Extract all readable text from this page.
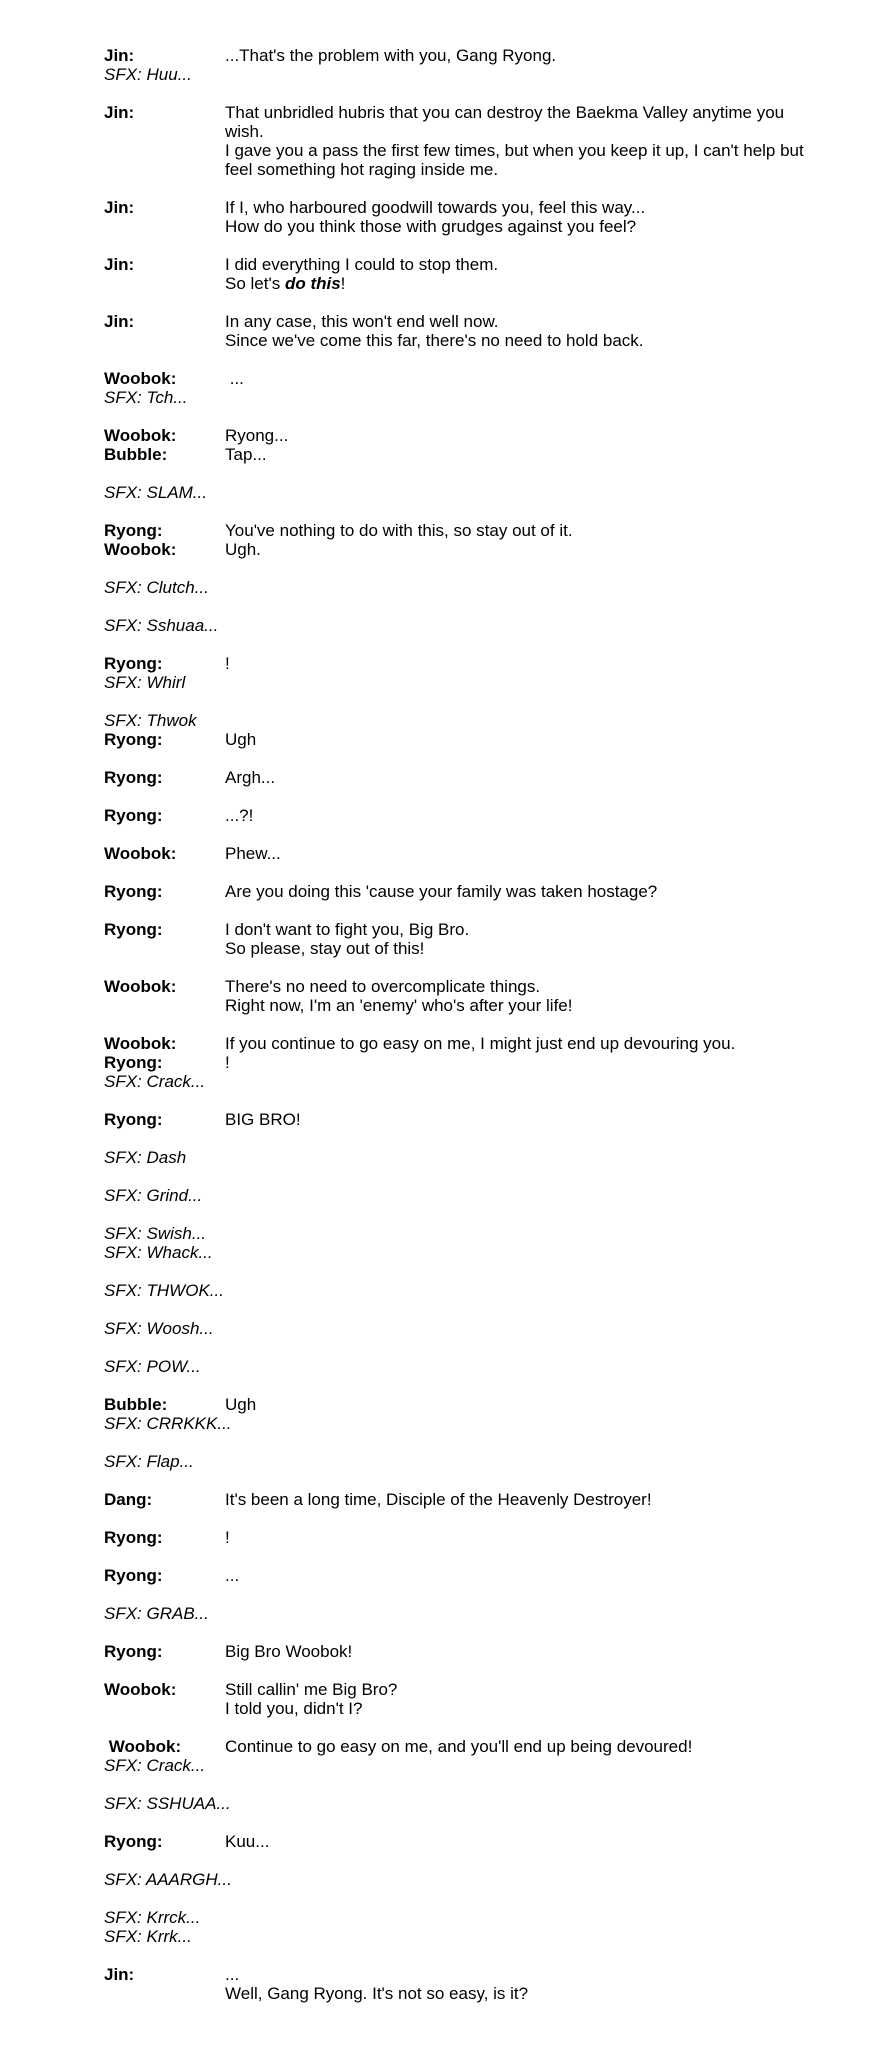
Jin:	...That's the problem with you, Gang Ryong.
SFX: Huu...
Jin:	That unbridled hubris that you can destroy the Baekma Valley anytime you
wish.
I gave you a pass the first few times, but when you keep it up, I can't help but
feel something hot raging inside me.
Jin:	If I, who harboured goodwill towards you, feel this way...
How do you think those with grudges against you feel?
Jin:	I did everything I could to stop them.
So let's do this!
Jin:	In any case, this won't end well now.
Since we've come this far, there's no need to hold back.
Woobok:	...
SFX: Tch...
Woobok:	Ryong...
Bubble:	Tap...
SFX: SLAM...
Ryong:	You've nothing to do with this, so stay out of it.
Woobok:	Ugh.
SFX: Clutch...
SFX: Sshuaa...
Ryong:	!
SFX: Whirl
SFX: Thwok
Ryong:	Ugh
Ryong:	Argh...
Ryong:	...?!
Woobok:	Phew...
Ryong:	Are you doing this 'cause your family was taken hostage?
Ryong:	I don't want to fight you, Big Bro.
So please, stay out of this!
Woobok:	There's no need to overcomplicate things.
Right now, I'm an 'enemy' who's after your life!
Woobok:	If you continue to go easy on me, I might just end up devouring you.
Ryong:	!
SFX: Crack...
Ryong:	BIG BRO!
SFX: Dash
SFX: Grind...
SFX: Swish...
SFX: Whack...
SFX: THWOK...
SFX: Woosh...
SFX: POW...
Bubble:	Ugh
SFX: CRRKKK...
SFX: Flap...
Dang:	It's been a long time, Disciple of the Heavenly Destroyer!
Ryong:	!
Ryong:	...
SFX: GRAB...
Ryong:	Big Bro Woobok!
Woobok:	Still callin' me Big Bro?
I told you, didn't I?
Woobok:	Continue to go easy on me, and you'll end up being devoured!
SFX: Crack...
SFX: SSHUAA...
Ryong:	Kuu...
SFX: AAARGH...
SFX: Krrck...
SFX: Krrk...
Jin:	...
Well, Gang Ryong. It's not so easy, is it?
